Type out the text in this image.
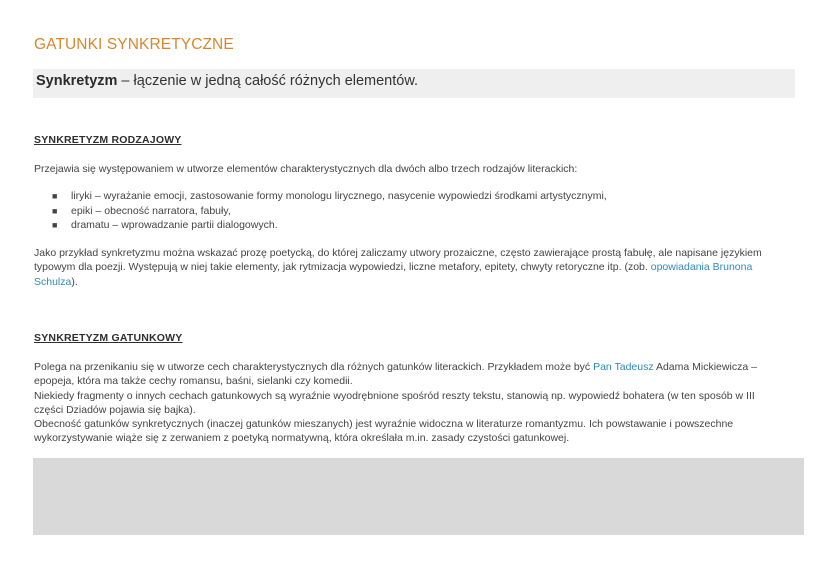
GATUNKI SYNKRETYCZNE
Synkretyzm – łączenie w jedną całość różnych elementów.
SYNKRETYZM RODZAJOWY
Przejawia się występowaniem w utworze elementów charakterystycznych dla dwóch albo trzech rodzajów literackich:
■ liryki – wyrażanie emocji, zastosowanie formy monologu lirycznego, nasycenie wypowiedzi środkami artystycznymi,
■ epiki – obecność narratora, fabuły,
■ dramatu – wprowadzanie partii dialogowych.
Jako przykład synkretyzmu można wskazać prozę poetycką, do której zaliczamy utwory prozaiczne, często zawierające prostą fabułę, ale napisane językiem
typowym dla poezji. Występują w niej takie elementy, jak rytmizacja wypowiedzi, liczne metafory, epitety, chwyty retoryczne itp. (zob. opowiadania Brunona
Schulza).
SYNKRETYZM GATUNKOWY
Polega na przenikaniu się w utworze cech charakterystycznych dla różnych gatunków literackich. Przykładem może być Pan Tadeusz Adama Mickiewicza –
epopeja, która ma także cechy romansu, baśni, sielanki czy komedii.
Niekiedy fragmenty o innych cechach gatunkowych są wyraźnie wyodrębnione spośród reszty tekstu, stanowią np. wypowiedź bohatera (w ten sposób w III
części Dziadów pojawia się bajka).
Obecność gatunków synkretycznych (inaczej gatunków mieszanych) jest wyraźnie widoczna w literaturze romantyzmu. Ich powstawanie i powszechne
wykorzystywanie wiąże się z zerwaniem z poetyką normatywną, która określała m.in. zasady czystości gatunkowej.
